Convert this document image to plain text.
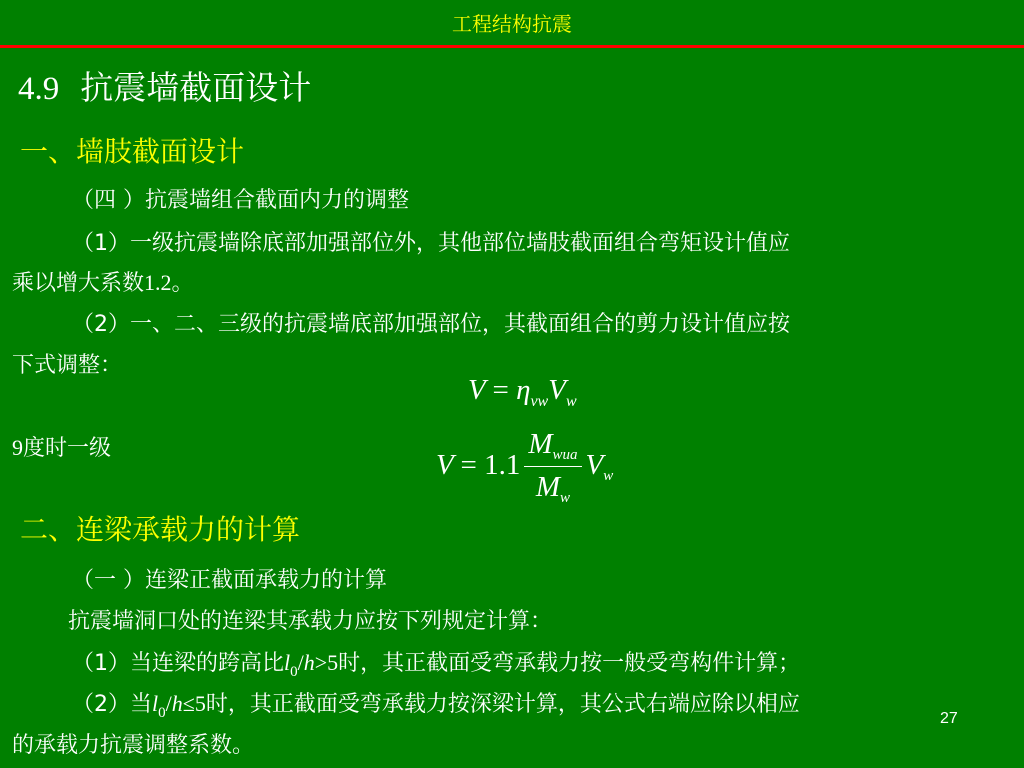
工程结构抗震
4.9 抗震墙截面设计
一、墙肢截面设计
（四 ）抗震墙组合截面内力的调整
（1）一级抗震墙除底部加强部位外，其他部位墙肢截面组合弯矩设计值应
乘以增大系数1.2。
（2）一、二、三级的抗震墙底部加强部位，其截面组合的剪力设计值应按
下式调整：
$V = \eta_{vw}V_w$
9度时一级
$V = 1.1 \frac{M_{wua}}{M_w} V_w$
二、连梁承载力的计算
（一 ）连梁正截面承载力的计算
抗震墙洞口处的连梁其承载力应按下列规定计算：
（1）当连梁的跨高比$l_0/h>5$时，其正截面受弯承载力按一般受弯构件计算；
（2）当$l_0/h\le 5$时，其正截面受弯承载力按深梁计算，其公式右端应除以相应
的承载力抗震调整系数。
27
